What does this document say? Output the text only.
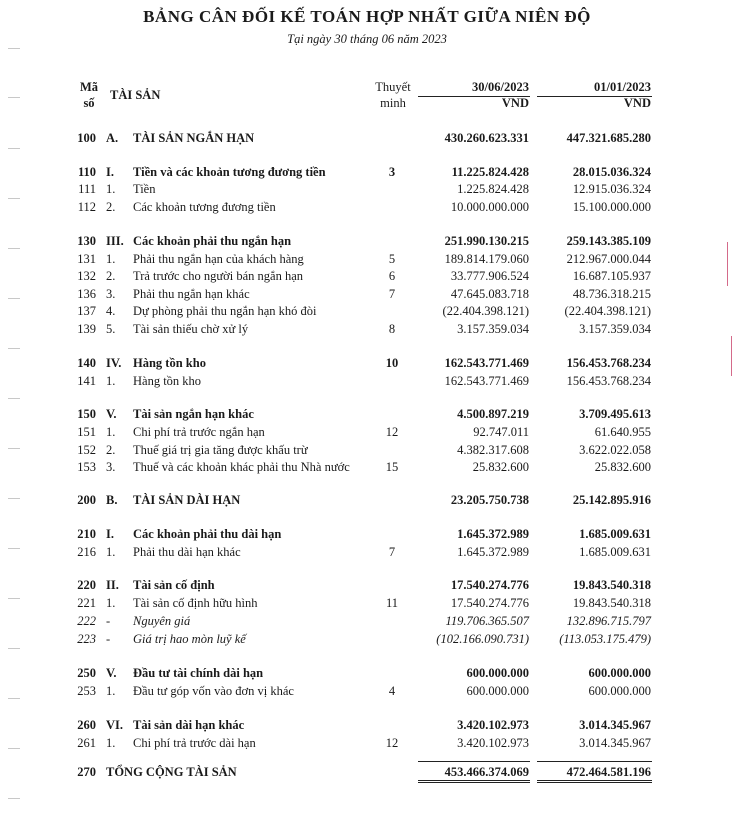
BẢNG CÂN ĐỐI KẾ TOÁN HỢP NHẤT GIỮA NIÊN ĐỘ
Tại ngày 30 tháng 06 năm 2023
Mã
số
TÀI SẢN
Thuyết
minh
30/06/2023
VND
01/01/2023
VND
100 A. TÀI SẢN NGẮN HẠN	430.260.623.331	447.321.685.280
110 I. Tiền và các khoản tương đương tiền	3	11.225.824.428	28.015.036.324
111 1. Tiền	1.225.824.428	12.915.036.324
112 2. Các khoản tương đương tiền	10.000.000.000	15.100.000.000
130 III. Các khoản phải thu ngắn hạn	251.990.130.215	259.143.385.109
131 1. Phải thu ngắn hạn của khách hàng	5	189.814.179.060	212.967.000.044
132 2. Trả trước cho người bán ngắn hạn	6	33.777.906.524	16.687.105.937
136 3. Phải thu ngắn hạn khác	7	47.645.083.718	48.736.318.215
137 4. Dự phòng phải thu ngắn hạn khó đòi	(22.404.398.121)	(22.404.398.121)
139 5. Tài sản thiếu chờ xử lý	8	3.157.359.034	3.157.359.034
140 IV. Hàng tồn kho	10	162.543.771.469	156.453.768.234
141 1. Hàng tồn kho	162.543.771.469	156.453.768.234
150 V. Tài sản ngắn hạn khác	4.500.897.219	3.709.495.613
151 1. Chi phí trả trước ngắn hạn	12	92.747.011	61.640.955
152 2. Thuế giá trị gia tăng được khấu trừ	4.382.317.608	3.622.022.058
153 3. Thuế và các khoản khác phải thu Nhà nước	15	25.832.600	25.832.600
200 B. TÀI SẢN DÀI HẠN	23.205.750.738	25.142.895.916
210 I. Các khoản phải thu dài hạn	1.645.372.989	1.685.009.631
216 1. Phải thu dài hạn khác	7	1.645.372.989	1.685.009.631
220 II. Tài sản cố định	17.540.274.776	19.843.540.318
221 1. Tài sản cố định hữu hình	11	17.540.274.776	19.843.540.318
222 - Nguyên giá	119.706.365.507	132.896.715.797
223 - Giá trị hao mòn luỹ kế	(102.166.090.731)	(113.053.175.479)
250 V. Đầu tư tài chính dài hạn	600.000.000	600.000.000
253 1. Đầu tư góp vốn vào đơn vị khác	4	600.000.000	600.000.000
260 VI. Tài sản dài hạn khác	3.420.102.973	3.014.345.967
261 1. Chi phí trả trước dài hạn	12	3.420.102.973	3.014.345.967
270 TỔNG CỘNG TÀI SẢN	453.466.374.069	472.464.581.196
